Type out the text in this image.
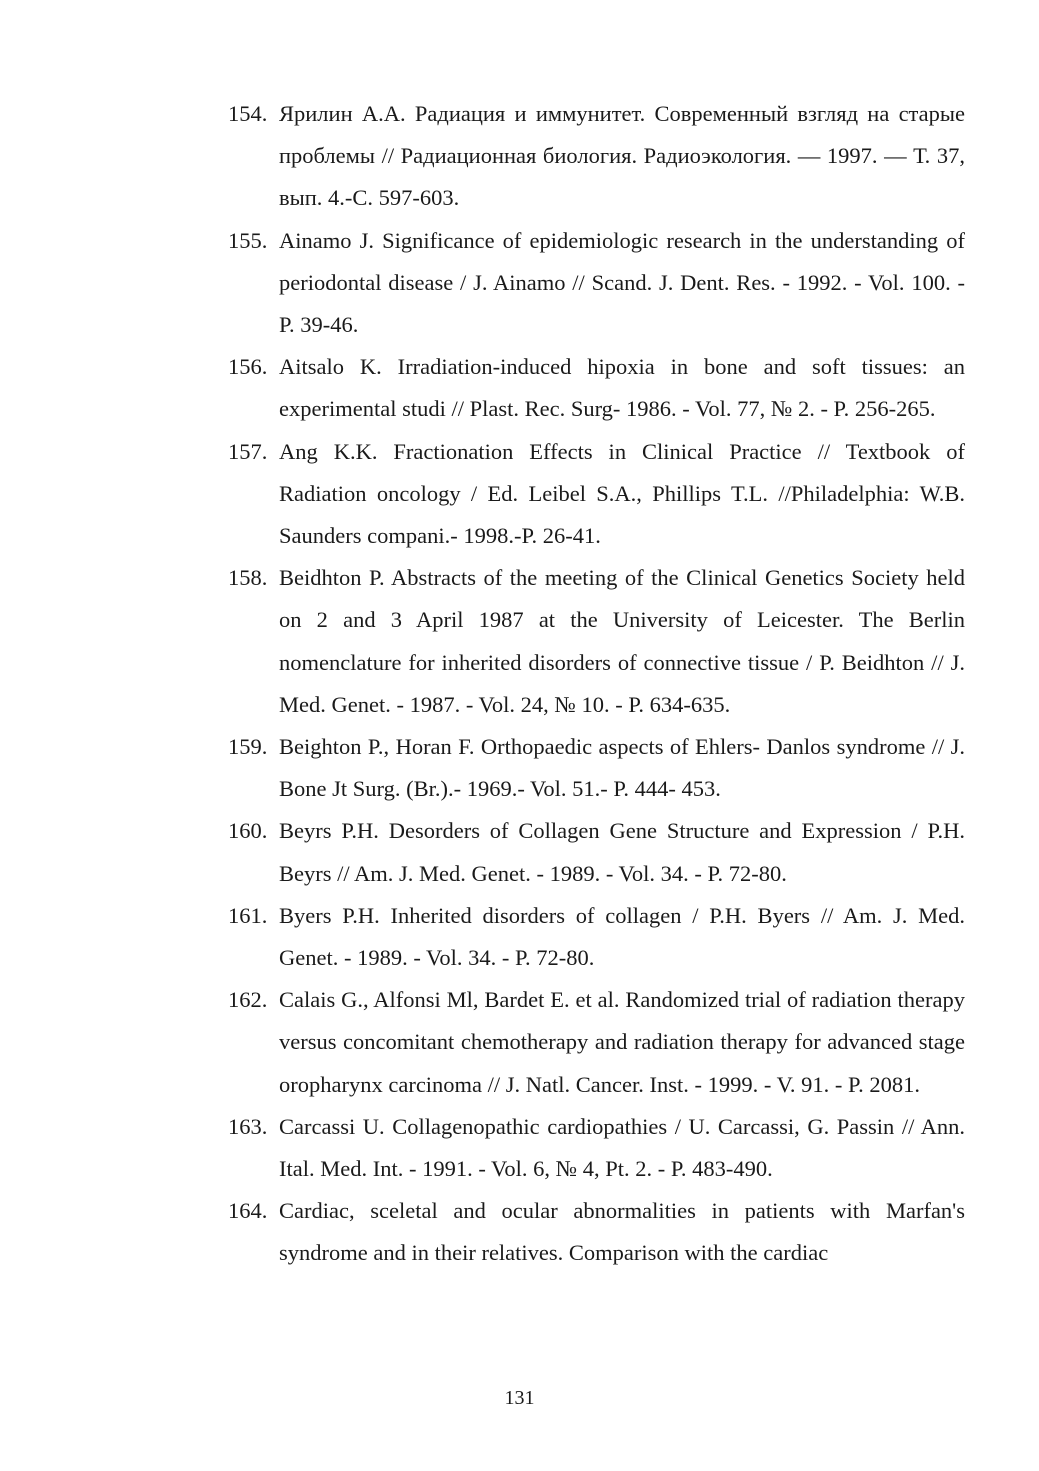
154. Ярилин А.А. Радиация и иммунитет. Современный взгляд на старые проблемы // Радиационная биология. Радиоэкология. — 1997. — Т. 37, вып. 4.-С. 597-603.
155. Ainamo J. Significance of epidemiologic research in the understanding of periodontal disease / J. Ainamo // Scand. J. Dent. Res. - 1992. - Vol. 100. - P. 39-46.
156. Aitsalo K. Irradiation-induced hipoxia in bone and soft tissues: an experimental studi // Plast. Rec. Surg- 1986. - Vol. 77, № 2. - P. 256-265.
157. Ang K.K. Fractionation Effects in Clinical Practice // Textbook of Radiation oncology / Ed. Leibel S.A., Phillips T.L. //Philadelphia: W.B. Saunders compani.- 1998.-P. 26-41.
158. Beidhton P. Abstracts of the meeting of the Clinical Genetics Society held on 2 and 3 April 1987 at the University of Leicester. The Berlin nomenclature for inherited disorders of connective tissue / P. Beidhton // J. Med. Genet. - 1987. - Vol. 24, № 10. - P. 634-635.
159. Beighton P., Horan F. Orthopaedic aspects of Ehlers- Danlos syndrome // J. Bone Jt Surg. (Br.).- 1969.- Vol. 51.- P. 444- 453.
160. Beyrs P.H. Desorders of Collagen Gene Structure and Expression / P.H. Beyrs // Am. J. Med. Genet. - 1989. - Vol. 34. - P. 72-80.
161. Byers P.H. Inherited disorders of collagen / P.H. Byers // Am. J. Med. Genet. - 1989. - Vol. 34. - P. 72-80.
162. Calais G., Alfonsi Ml, Bardet E. et al. Randomized trial of radiation therapy versus concomitant chemotherapy and radiation therapy for advanced stage oropharynx carcinoma // J. Natl. Cancer. Inst. - 1999. - V. 91. - P. 2081.
163. Carcassi U. Collagenopathic cardiopathies / U. Carcassi, G. Passin // Ann. Ital. Med. Int. - 1991. - Vol. 6, № 4, Pt. 2. - P. 483-490.
164. Cardiac, sceletal and ocular abnormalities in patients with Marfan's syndrome and in their relatives. Comparison with the cardiac
131
